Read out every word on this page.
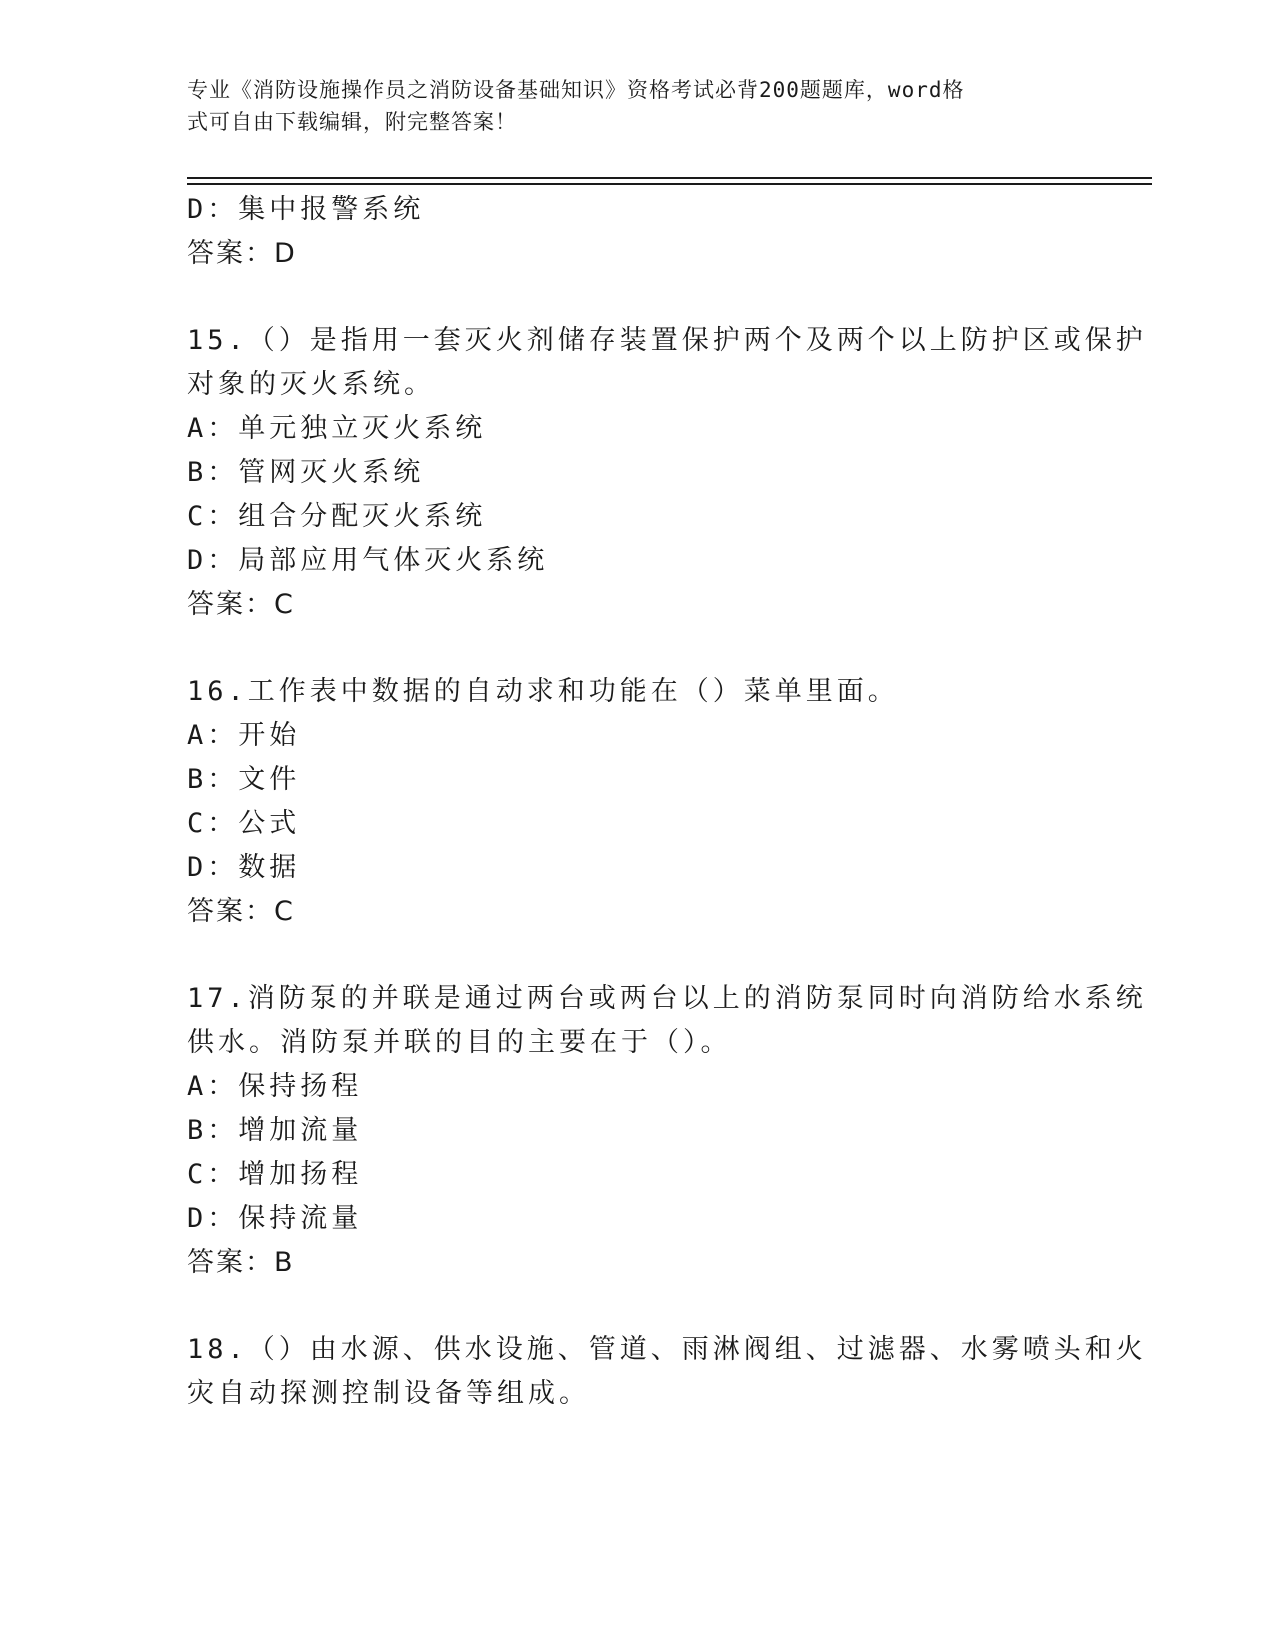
专业《消防设施操作员之消防设备基础知识》资格考试必背200题题库，word格
式可自由下载编辑，附完整答案！
D：集中报警系统
答案：D
15.（）是指用一套灭火剂储存装置保护两个及两个以上防护区或保护
对象的灭火系统。
A：单元独立灭火系统
B：管网灭火系统
C：组合分配灭火系统
D：局部应用气体灭火系统
答案：C
16.工作表中数据的自动求和功能在（）菜单里面。
A：开始
B：文件
C：公式
D：数据
答案：C
17.消防泵的并联是通过两台或两台以上的消防泵同时向消防给水系统
供水。消防泵并联的目的主要在于（）。
A：保持扬程
B：增加流量
C：增加扬程
D：保持流量
答案：B
18.（）由水源、供水设施、管道、雨淋阀组、过滤器、水雾喷头和火
灾自动探测控制设备等组成。
